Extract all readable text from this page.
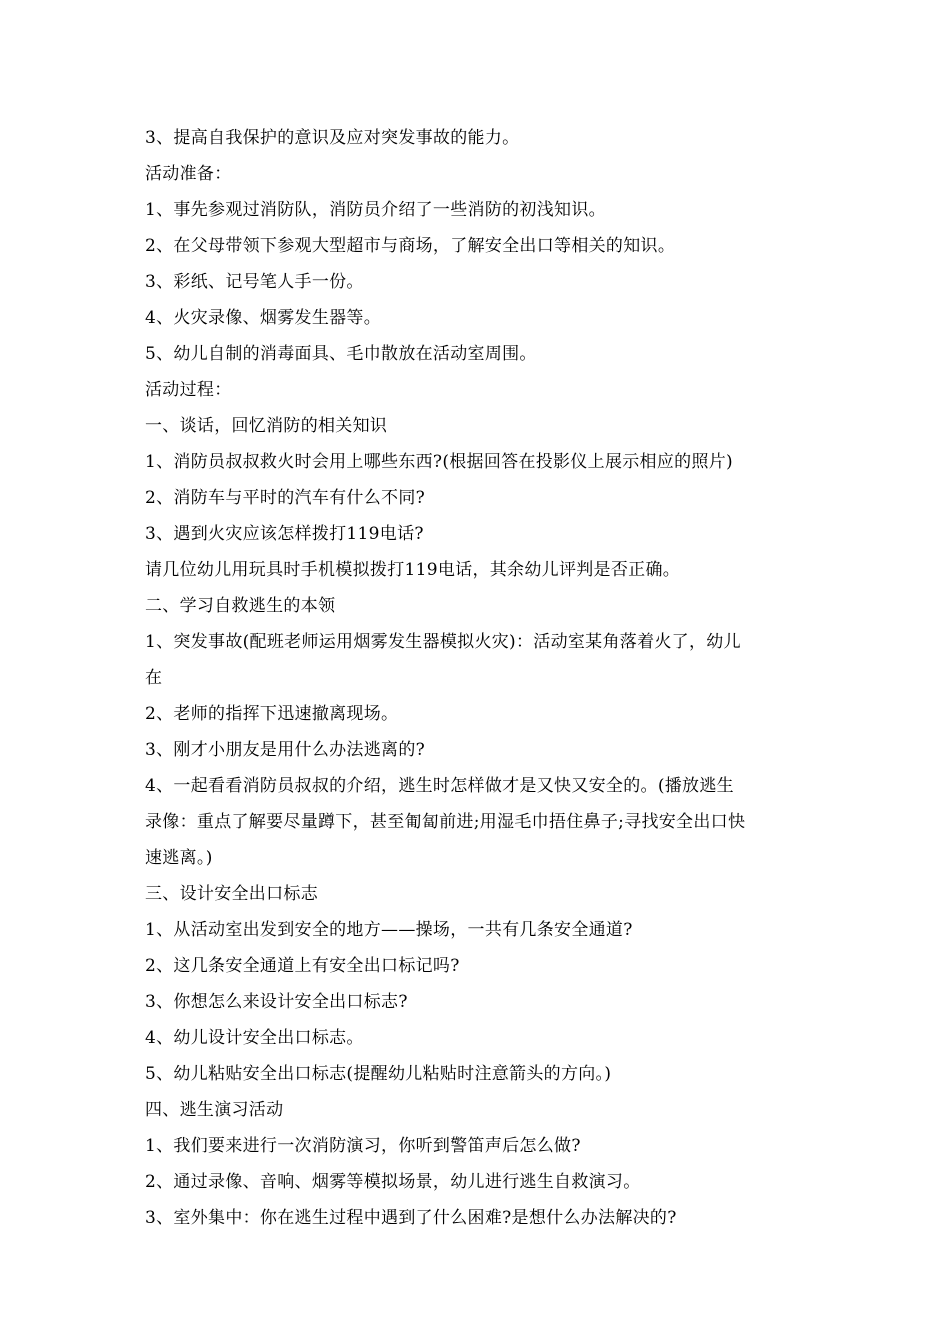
3、提高自我保护的意识及应对突发事故的能力。
活动准备：
1、事先参观过消防队，消防员介绍了一些消防的初浅知识。
2、在父母带领下参观大型超市与商场，了解安全出口等相关的知识。
3、彩纸、记号笔人手一份。
4、火灾录像、烟雾发生器等。
5、幼儿自制的消毒面具、毛巾散放在活动室周围。
活动过程：
一、谈话，回忆消防的相关知识
1、消防员叔叔救火时会用上哪些东西?(根据回答在投影仪上展示相应的照片)
2、消防车与平时的汽车有什么不同?
3、遇到火灾应该怎样拨打119电话?
请几位幼儿用玩具时手机模拟拨打119电话，其余幼儿评判是否正确。
二、学习自救逃生的本领
1、突发事故(配班老师运用烟雾发生器模拟火灾)：活动室某角落着火了，幼儿
在
2、老师的指挥下迅速撤离现场。
3、刚才小朋友是用什么办法逃离的?
4、一起看看消防员叔叔的介绍，逃生时怎样做才是又快又安全的。(播放逃生
录像：重点了解要尽量蹲下，甚至匍匐前进;用湿毛巾捂住鼻子;寻找安全出口快
速逃离。)
三、设计安全出口标志
1、从活动室出发到安全的地方——操场，一共有几条安全通道?
2、这几条安全通道上有安全出口标记吗?
3、你想怎么来设计安全出口标志?
4、幼儿设计安全出口标志。
5、幼儿粘贴安全出口标志(提醒幼儿粘贴时注意箭头的方向。)
四、逃生演习活动
1、我们要来进行一次消防演习，你听到警笛声后怎么做?
2、通过录像、音响、烟雾等模拟场景，幼儿进行逃生自救演习。
3、室外集中：你在逃生过程中遇到了什么困难?是想什么办法解决的?
